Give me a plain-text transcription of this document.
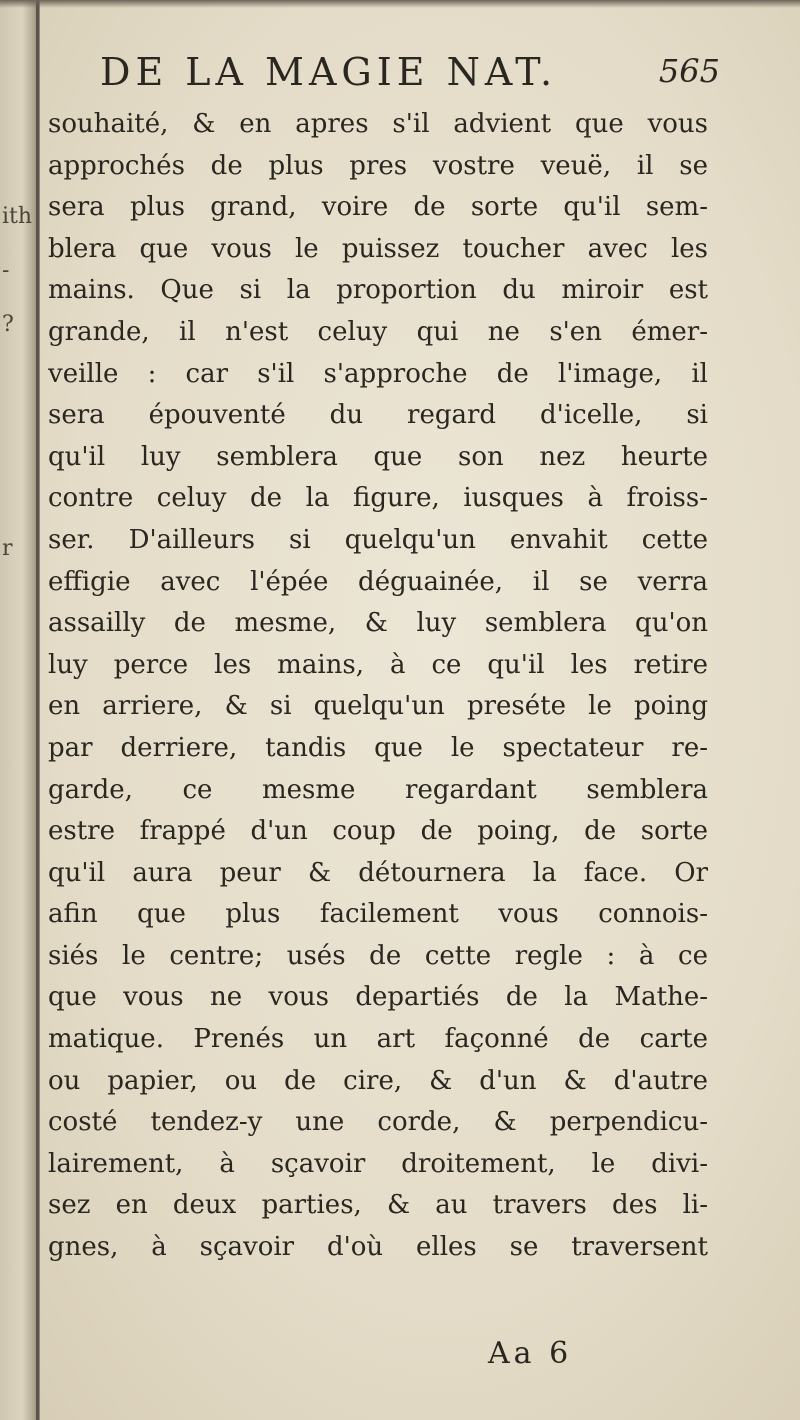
ith
-
?
r
DE LA MAGIE NAT.	565
souhaité, & en apres s'il advient que vous
approchés de plus pres vostre veuë, il se
sera plus grand, voire de sorte qu'il sem-
blera que vous le puissez toucher avec les
mains. Que si la proportion du miroir est
grande, il n'est celuy qui ne s'en émer-
veille : car s'il s'approche de l'image, il
sera épouventé du regard d'icelle, si
qu'il luy semblera que son nez heurte
contre celuy de la figure, iusques à froiss-
ser. D'ailleurs si quelqu'un envahit cette
effigie avec l'épée déguainée, il se verra
assailly de mesme, & luy semblera qu'on
luy perce les mains, à ce qu'il les retire
en arriere, & si quelqu'un preséte le poing
par derriere, tandis que le spectateur re-
garde, ce mesme regardant semblera
estre frappé d'un coup de poing, de sorte
qu'il aura peur & détournera la face. Or
afin que plus facilement vous connois-
siés le centre; usés de cette regle : à ce
que vous ne vous departiés de la Mathe-
matique. Prenés un art façonné de carte
ou papier, ou de cire, & d'un & d'autre
costé tendez-y une corde, & perpendicu-
lairement, à sçavoir droitement, le divi-
sez en deux parties, & au travers des li-
gnes, à sçavoir d'où elles se traversent
Aa 6
